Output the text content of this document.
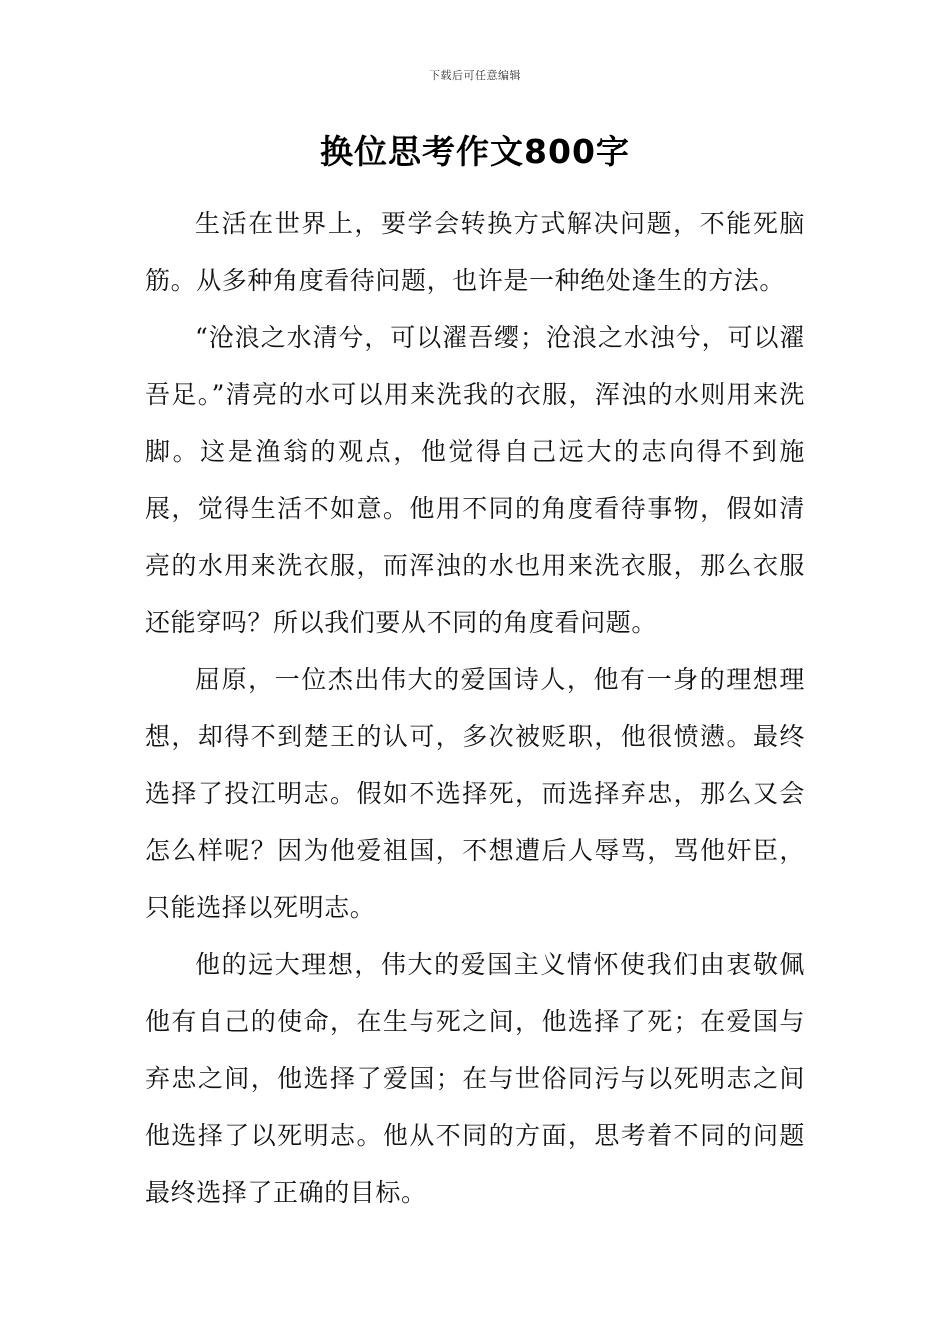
下载后可任意编辑
换位思考作文800字

生活在世界上，要学会转换方式解决问题，不能死脑筋。从多种角度看待问题，也许是一种绝处逢生的方法。

“沧浪之水清兮，可以濯吾缨；沧浪之水浊兮，可以濯吾足。”清亮的水可以用来洗我的衣服，浑浊的水则用来洗脚。这是渔翁的观点，他觉得自己远大的志向得不到施展，觉得生活不如意。他用不同的角度看待事物，假如清亮的水用来洗衣服，而浑浊的水也用来洗衣服，那么衣服还能穿吗？所以我们要从不同的角度看问题。

屈原，一位杰出伟大的爱国诗人，他有一身的理想理想，却得不到楚王的认可，多次被贬职，他很愤懑。最终选择了投江明志。假如不选择死，而选择弃忠，那么又会怎么样呢？因为他爱祖国，不想遭后人辱骂，骂他奸臣，只能选择以死明志。

他的远大理想，伟大的爱国主义情怀使我们由衷敬佩他有自己的使命，在生与死之间，他选择了死；在爱国与弃忠之间，他选择了爱国；在与世俗同污与以死明志之间他选择了以死明志。他从不同的方面，思考着不同的问题最终选择了正确的目标。
